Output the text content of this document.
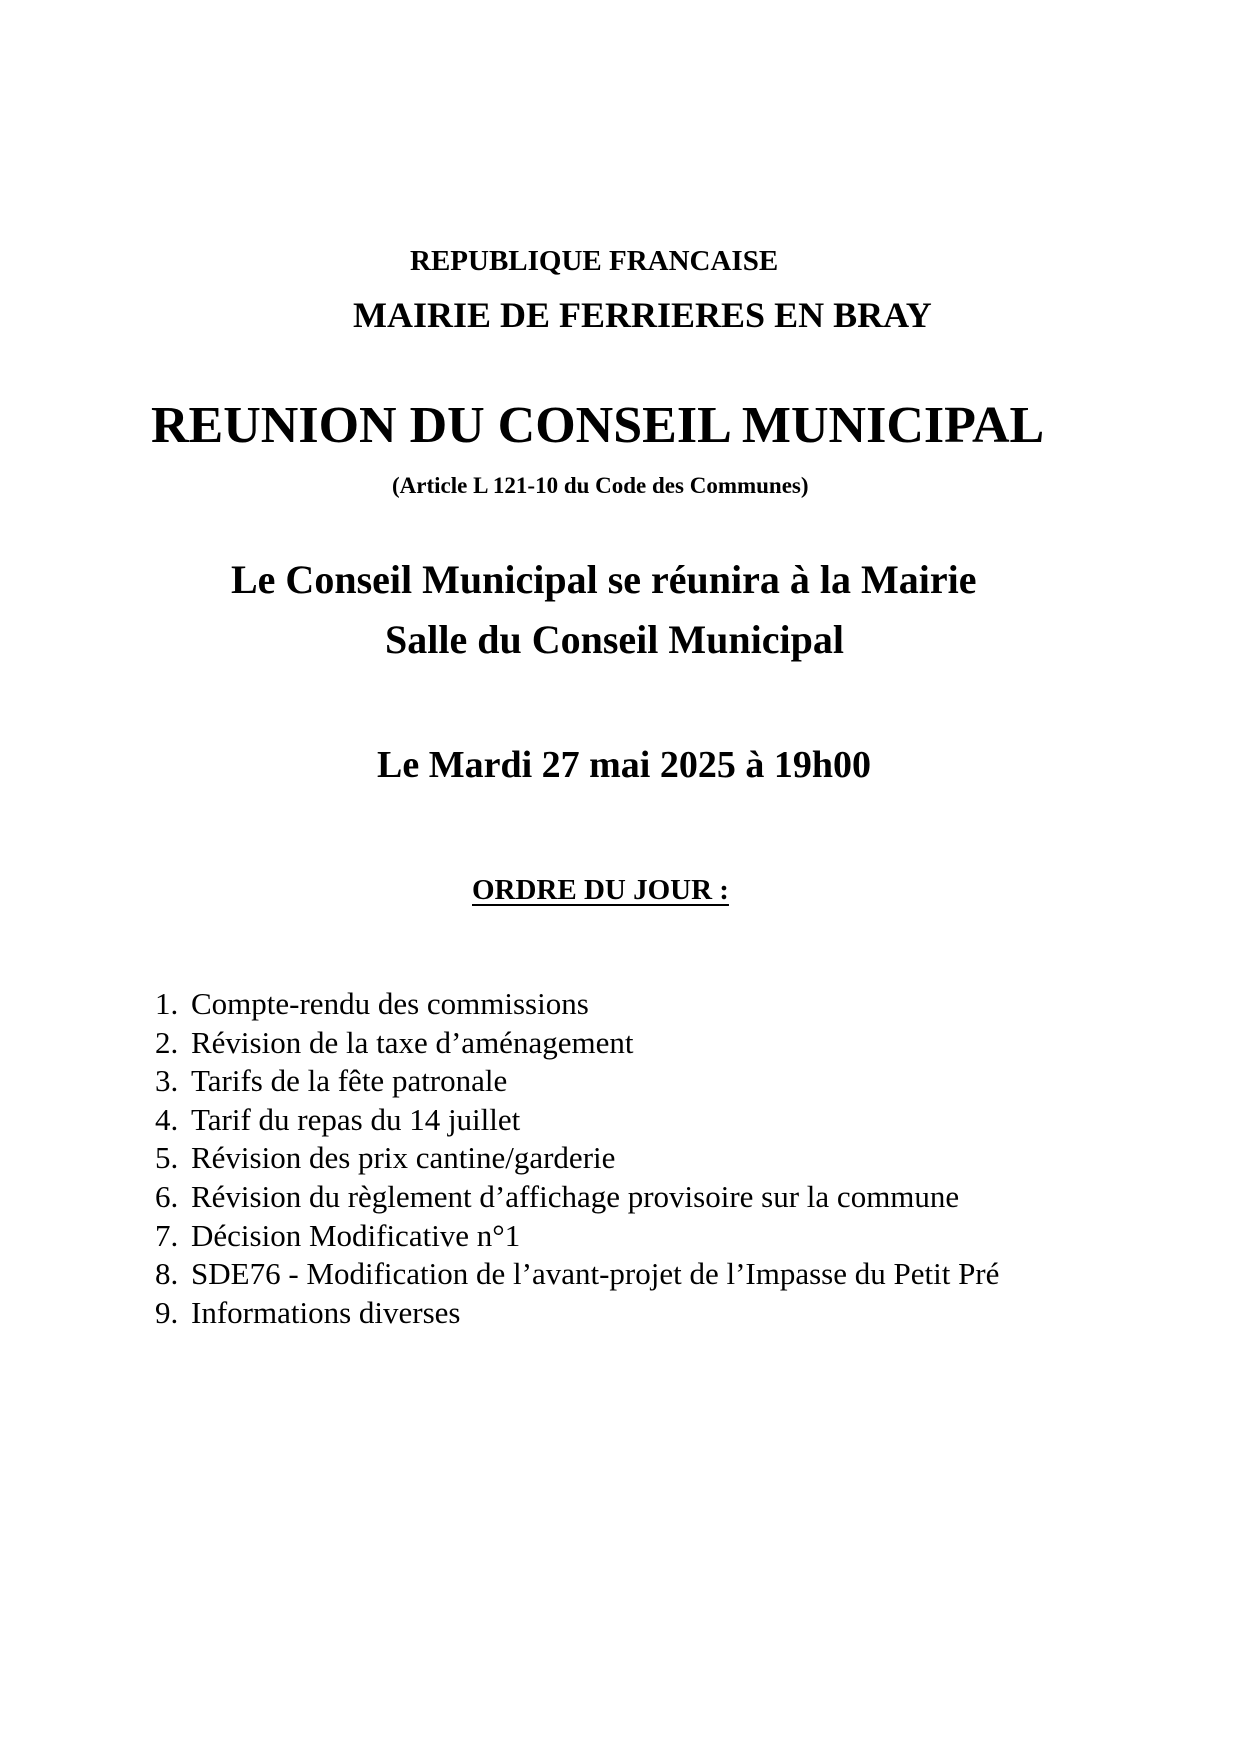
REPUBLIQUE FRANCAISE
MAIRIE DE FERRIERES EN BRAY
REUNION DU CONSEIL MUNICIPAL
(Article L 121-10 du Code des Communes)
Le Conseil Municipal se réunira à la Mairie
Salle du Conseil Municipal
Le Mardi 27 mai 2025 à 19h00
ORDRE DU JOUR :
1. Compte-rendu des commissions
2. Révision de la taxe d’aménagement
3. Tarifs de la fête patronale
4. Tarif du repas du 14 juillet
5. Révision des prix cantine/garderie
6. Révision du règlement d’affichage provisoire sur la commune
7. Décision Modificative n°1
8. SDE76 - Modification de l’avant-projet de l’Impasse du Petit Pré
9. Informations diverses
